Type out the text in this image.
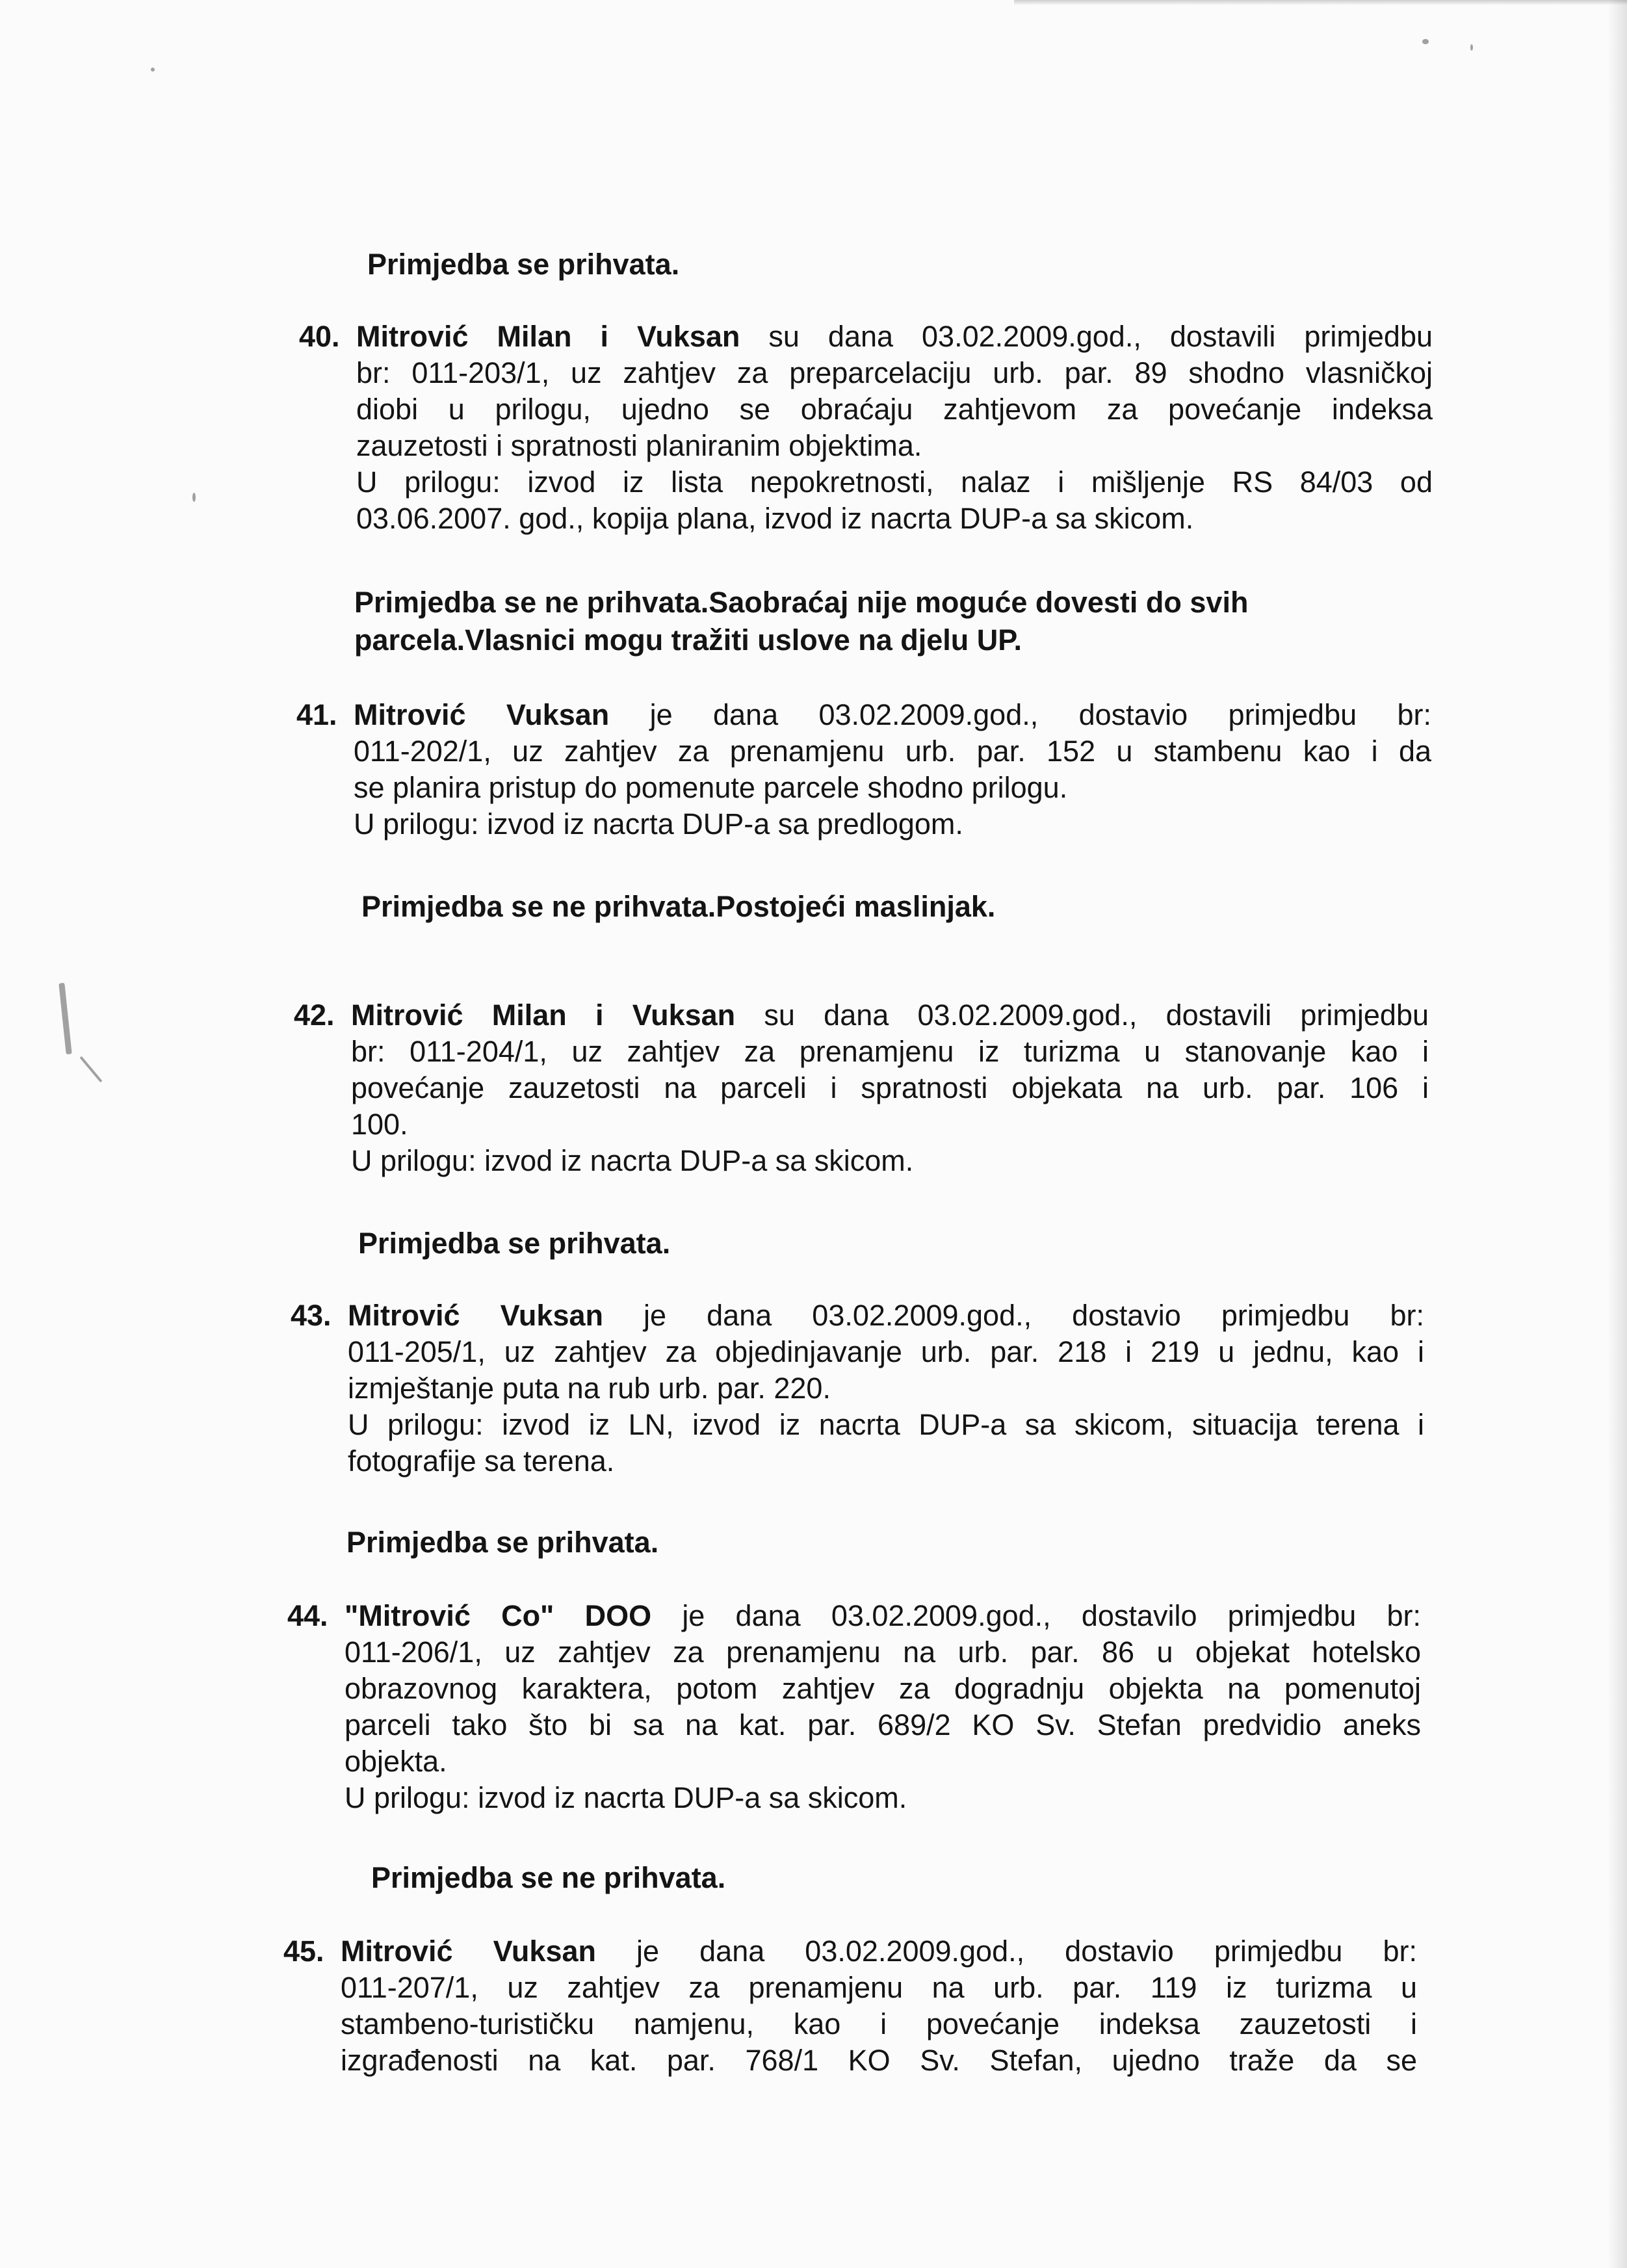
Primjedba se prihvata.
40. Mitrović Milan i Vuksan su dana 03.02.2009.god., dostavili primjedbu

br: 011-203/1, uz zahtjev za preparcelaciju urb. par. 89 shodno vlasničkoj

diobi u prilogu, ujedno se obraćaju zahtjevom za povećanje indeksa

zauzetosti i spratnosti planiranim objektima.

U prilogu: izvod iz lista nepokretnosti, nalaz i mišljenje RS 84/03 od

03.06.2007. god., kopija plana, izvod iz nacrta DUP-a sa skicom.

Primjedba se ne prihvata.Saobraćaj nije moguće dovesti do svih
parcela.Vlasnici mogu tražiti uslove na djelu UP.
41. Mitrović Vuksan je dana 03.02.2009.god., dostavio primjedbu br:

011-202/1, uz zahtjev za prenamjenu urb. par. 152 u stambenu kao i da

se planira pristup do pomenute parcele shodno prilogu.

U prilogu: izvod iz nacrta DUP-a sa predlogom.

Primjedba se ne prihvata.Postojeći maslinjak.
42. Mitrović Milan i Vuksan su dana 03.02.2009.god., dostavili primjedbu

br: 011-204/1, uz zahtjev za prenamjenu iz turizma u stanovanje kao i

povećanje zauzetosti na parceli i spratnosti objekata na urb. par. 106 i

100.

U prilogu: izvod iz nacrta DUP-a sa skicom.

Primjedba se prihvata.
43. Mitrović Vuksan je dana 03.02.2009.god., dostavio primjedbu br:

011-205/1, uz zahtjev za objedinjavanje urb. par. 218 i 219 u jednu, kao i

izmještanje puta na rub urb. par. 220.

U prilogu: izvod iz LN, izvod iz nacrta DUP-a sa skicom, situacija terena i

fotografije sa terena.

Primjedba se prihvata.
44. "Mitrović Co" DOO je dana 03.02.2009.god., dostavilo primjedbu br:

011-206/1, uz zahtjev za prenamjenu na urb. par. 86 u objekat hotelsko

obrazovnog karaktera, potom zahtjev za dogradnju objekta na pomenutoj

parceli tako što bi sa na kat. par. 689/2 KO Sv. Stefan predvidio aneks

objekta.

U prilogu: izvod iz nacrta DUP-a sa skicom.

Primjedba se ne prihvata.
45. Mitrović Vuksan je dana 03.02.2009.god., dostavio primjedbu br:

011-207/1, uz zahtjev za prenamjenu na urb. par. 119 iz turizma u

stambeno-turističku namjenu, kao i povećanje indeksa zauzetosti i

izgrađenosti na kat. par. 768/1 KO Sv. Stefan, ujedno traže da se
